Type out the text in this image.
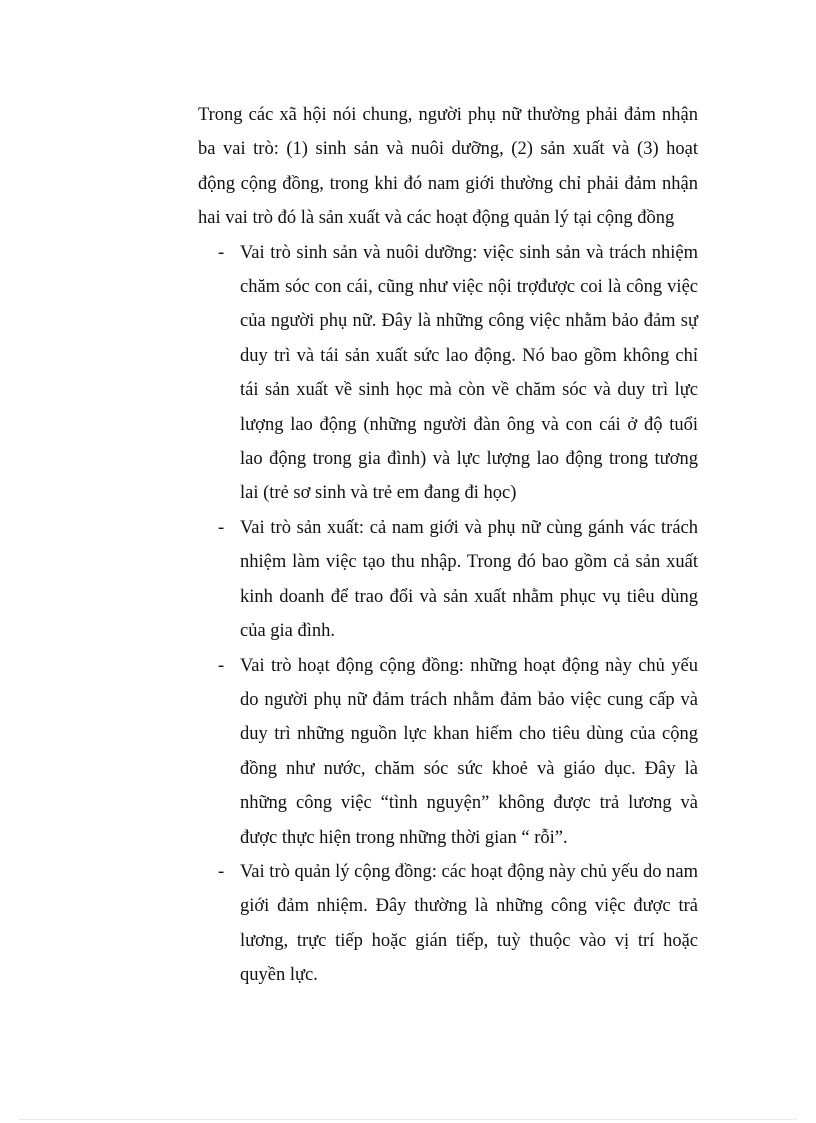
Trong các xã hội nói chung, người phụ nữ thường phải đảm nhận ba vai trò: (1) sinh sản và nuôi dưỡng, (2) sản xuất và (3) hoạt động cộng đồng, trong khi đó nam giới thường chỉ phải đảm nhận hai vai trò đó là sản xuất và các hoạt động quản lý tại cộng đồng

- Vai trò sinh sản và nuôi dưỡng: việc sinh sản và trách nhiệm chăm sóc con cái, cũng như việc nội trợđược coi là công việc của người phụ nữ. Đây là những công việc nhằm bảo đảm sự duy trì và tái sản xuất sức lao động. Nó bao gồm không chỉ tái sản xuất về sinh học mà còn về chăm sóc và duy trì lực lượng lao động (những người đàn ông và con cái ở độ tuổi lao động trong gia đình) và lực lượng lao động trong tương lai (trẻ sơ sinh và trẻ em đang đi học)
- Vai trò sản xuất: cả nam giới và phụ nữ cùng gánh vác trách nhiệm làm việc tạo thu nhập. Trong đó bao gồm cả sản xuất kinh doanh để trao đổi và sản xuất nhằm phục vụ tiêu dùng của gia đình.
- Vai trò hoạt động cộng đồng: những hoạt động này chủ yếu do người phụ nữ đảm trách nhằm đảm bảo việc cung cấp và duy trì những nguồn lực khan hiếm cho tiêu dùng của cộng đồng như nước, chăm sóc sức khoẻ và giáo dục. Đây là những công việc “tình nguyện” không được trả lương và được thực hiện trong những thời gian “ rỗi”.
- Vai trò quản lý cộng đồng: các hoạt động này chủ yếu do nam giới đảm nhiệm. Đây thường là những công việc được trả lương, trực tiếp hoặc gián tiếp, tuỳ thuộc vào vị trí hoặc quyền lực.
